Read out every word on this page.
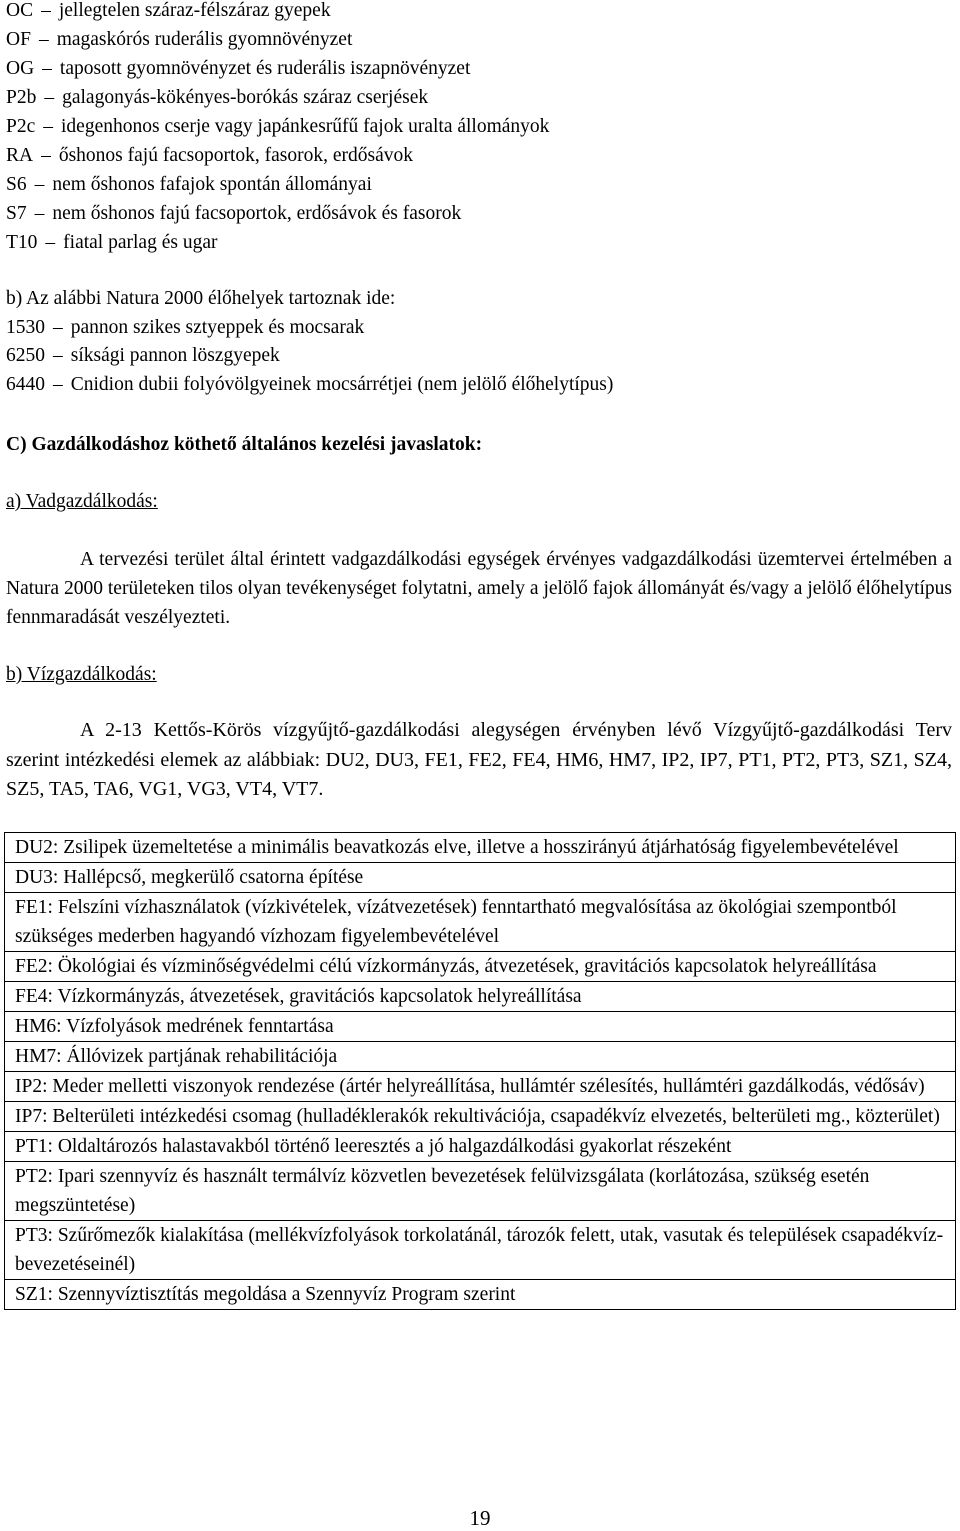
OC – jellegtelen száraz-félszáraz gyepek
OF – magaskórós ruderális gyomnövényzet
OG – taposott gyomnövényzet és ruderális iszapnövényzet
P2b – galagonyás-kökényes-borókás száraz cserjések
P2c – idegenhonos cserje vagy japánkesrűfű fajok uralta állományok
RA – őshonos fajú facsoportok, fasorok, erdősávok
S6 – nem őshonos fafajok spontán állományai
S7 – nem őshonos fajú facsoportok, erdősávok és fasorok
T10 – fiatal parlag és ugar
b) Az alábbi Natura 2000 élőhelyek tartoznak ide:
1530 – pannon szikes sztyeppek és mocsarak
6250 – síksági pannon löszgyepek
6440 – Cnidion dubii folyóvölgyeinek mocsárrétjei (nem jelölő élőhelytípus)
C) Gazdálkodáshoz köthető általános kezelési javaslatok:
a) Vadgazdálkodás:
A tervezési terület által érintett vadgazdálkodási egységek érvényes vadgazdálkodási üzemtervei értelmében a Natura 2000 területeken tilos olyan tevékenységet folytatni, amely a jelölő fajok állományát és/vagy a jelölő élőhelytípus fennmaradását veszélyezteti.
b) Vízgazdálkodás:
A 2-13 Kettős-Körös vízgyűjtő-gazdálkodási alegységen érvényben lévő Vízgyűjtő-gazdálkodási Terv szerint intézkedési elemek az alábbiak: DU2, DU3, FE1, FE2, FE4, HM6, HM7, IP2, IP7, PT1, PT2, PT3, SZ1, SZ4, SZ5, TA5, TA6, VG1, VG3, VT4, VT7.
DU2: Zsilipek üzemeltetése a minimális beavatkozás elve, illetve a hosszirányú átjárhatóság figyelembevételével
DU3: Hallépcső, megkerülő csatorna építése
FE1: Felszíni vízhasználatok (vízkivételek, vízátvezetések) fenntartható megvalósítása az ökológiai szempontból szükséges mederben hagyandó vízhozam figyelembevételével
FE2: Ökológiai és vízminőségvédelmi célú vízkormányzás, átvezetések, gravitációs kapcsolatok helyreállítása
FE4: Vízkormányzás, átvezetések, gravitációs kapcsolatok helyreállítása
HM6: Vízfolyások medrének fenntartása
HM7: Állóvizek partjának rehabilitációja
IP2: Meder melletti viszonyok rendezése (ártér helyreállítása, hullámtér szélesítés, hullámtéri gazdálkodás, védősáv)
IP7: Belterületi intézkedési csomag (hulladéklerakók rekultivációja, csapadékvíz elvezetés, belterületi mg., közterület)
PT1: Oldaltározós halastavakból történő leeresztés a jó halgazdálkodási gyakorlat részeként
PT2: Ipari szennyvíz és használt termálvíz közvetlen bevezetések felülvizsgálata (korlátozása, szükség esetén megszüntetése)
PT3: Szűrőmezők kialakítása (mellékvízfolyások torkolatánál, tározók felett, utak, vasutak és települések csapadékvíz-bevezetéseinél)
SZ1: Szennyvíztisztítás megoldása a Szennyvíz Program szerint
19
